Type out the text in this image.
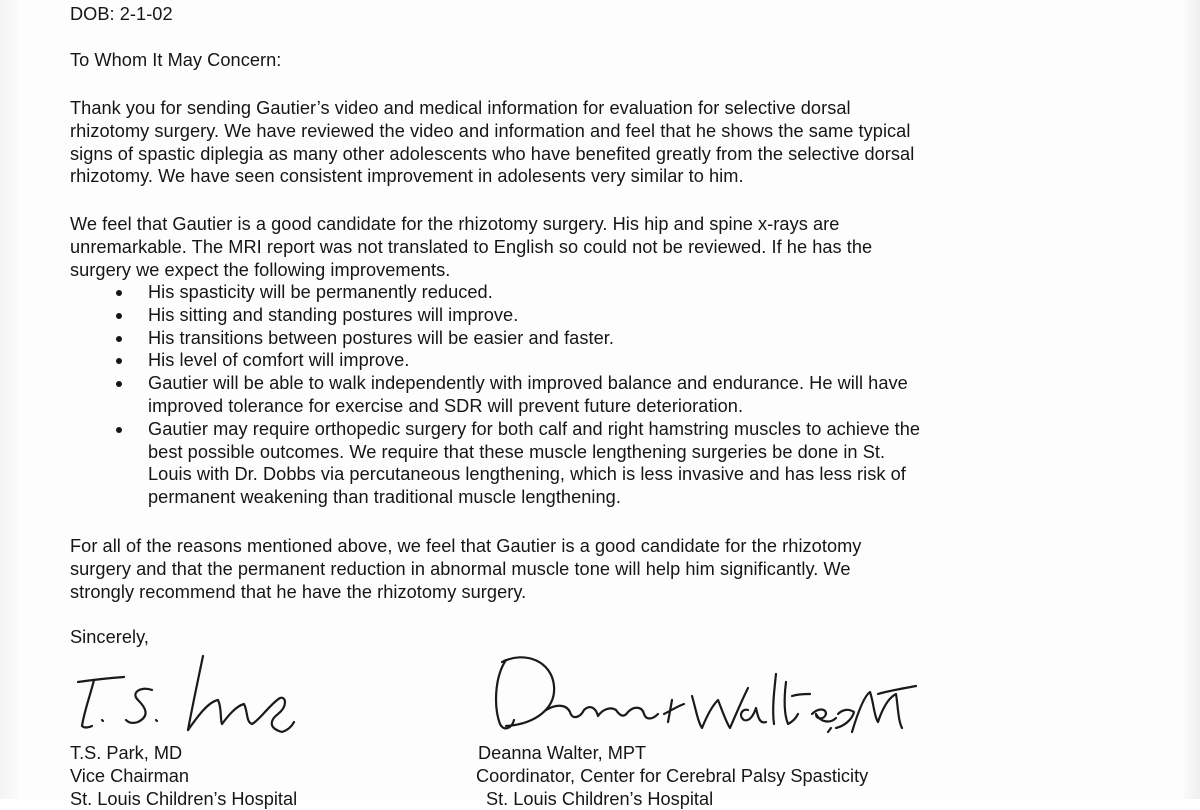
DOB: 2-1-02
To Whom It May Concern:

Thank you for sending Gautier’s video and medical information for evaluation for selective dorsal

rhizotomy surgery. We have reviewed the video and information and feel that he shows the same typical

signs of spastic diplegia as many other adolescents who have benefited greatly from the selective dorsal

rhizotomy. We have seen consistent improvement in adolesents very similar to him.

We feel that Gautier is a good candidate for the rhizotomy surgery. His hip and spine x-rays are

unremarkable. The MRI report was not translated to English so could not be reviewed. If he has the

surgery we expect the following improvements.

His spasticity will be permanently reduced.
His sitting and standing postures will improve.
His transitions between postures will be easier and faster.
His level of comfort will improve.
Gautier will be able to walk independently with improved balance and endurance. He will have
improved tolerance for exercise and SDR will prevent future deterioration.
Gautier may require orthopedic surgery for both calf and right hamstring muscles to achieve the
best possible outcomes. We require that these muscle lengthening surgeries be done in St.
Louis with Dr. Dobbs via percutaneous lengthening, which is less invasive and has less risk of
permanent weakening than traditional muscle lengthening.

For all of the reasons mentioned above, we feel that Gautier is a good candidate for the rhizotomy

surgery and that the permanent reduction in abnormal muscle tone will help him significantly. We

strongly recommend that he have the rhizotomy surgery.

Sincerely,
T.S. Park, MD
Vice Chairman
St. Louis Children’s Hospital
Deanna Walter, MPT
Coordinator, Center for Cerebral Palsy Spasticity
St. Louis Children’s Hospital
